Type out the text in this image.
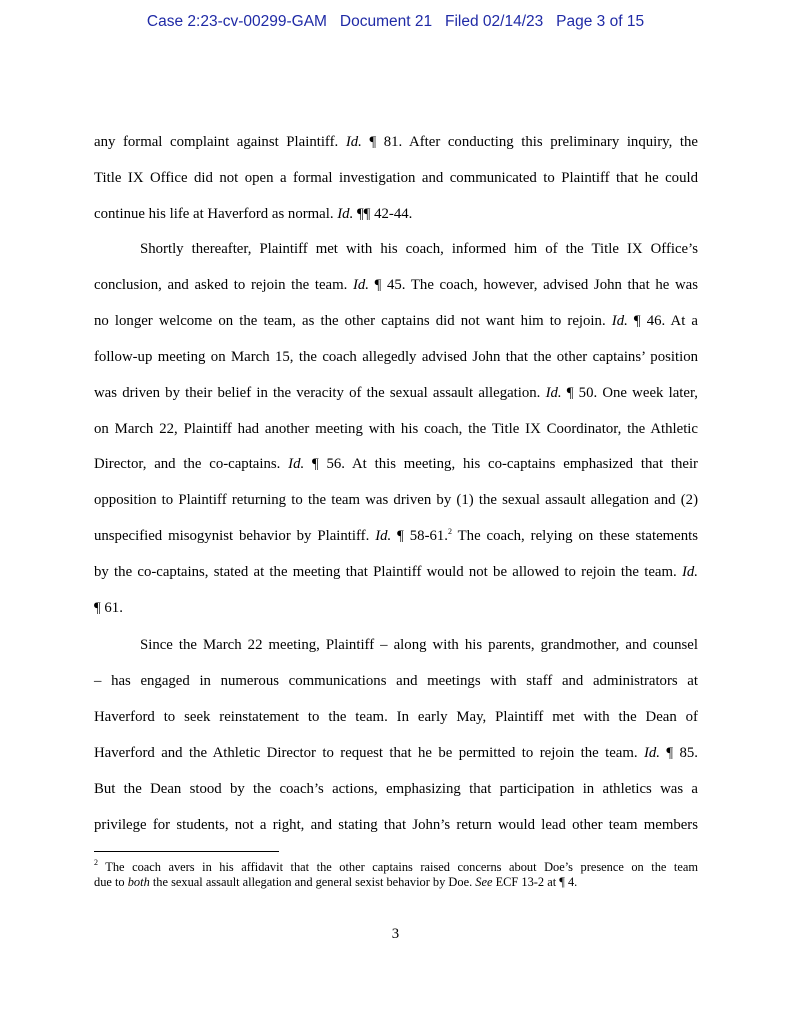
Case 2:23-cv-00299-GAM   Document 21   Filed 02/14/23   Page 3 of 15
any formal complaint against Plaintiff. Id. ¶ 81. After conducting this preliminary inquiry, the
Title IX Office did not open a formal investigation and communicated to Plaintiff that he could
continue his life at Haverford as normal. Id. ¶¶ 42-44.
Shortly thereafter, Plaintiff met with his coach, informed him of the Title IX Office’s
conclusion, and asked to rejoin the team. Id. ¶ 45. The coach, however, advised John that he was
no longer welcome on the team, as the other captains did not want him to rejoin. Id. ¶ 46. At a
follow-up meeting on March 15, the coach allegedly advised John that the other captains’ position
was driven by their belief in the veracity of the sexual assault allegation. Id. ¶ 50. One week later,
on March 22, Plaintiff had another meeting with his coach, the Title IX Coordinator, the Athletic
Director, and the co-captains. Id. ¶ 56. At this meeting, his co-captains emphasized that their
opposition to Plaintiff returning to the team was driven by (1) the sexual assault allegation and (2)
unspecified misogynist behavior by Plaintiff. Id. ¶ 58-61.$^2$ The coach, relying on these statements
by the co-captains, stated at the meeting that Plaintiff would not be allowed to rejoin the team. Id.
¶ 61.
Since the March 22 meeting, Plaintiff – along with his parents, grandmother, and counsel
– has engaged in numerous communications and meetings with staff and administrators at
Haverford to seek reinstatement to the team. In early May, Plaintiff met with the Dean of
Haverford and the Athletic Director to request that he be permitted to rejoin the team. Id. ¶ 85.
But the Dean stood by the coach’s actions, emphasizing that participation in athletics was a
privilege for students, not a right, and stating that John’s return would lead other team members
$^2$ The coach avers in his affidavit that the other captains raised concerns about Doe’s presence on the team
due to both the sexual assault allegation and general sexist behavior by Doe. See ECF 13-2 at ¶ 4.
3
